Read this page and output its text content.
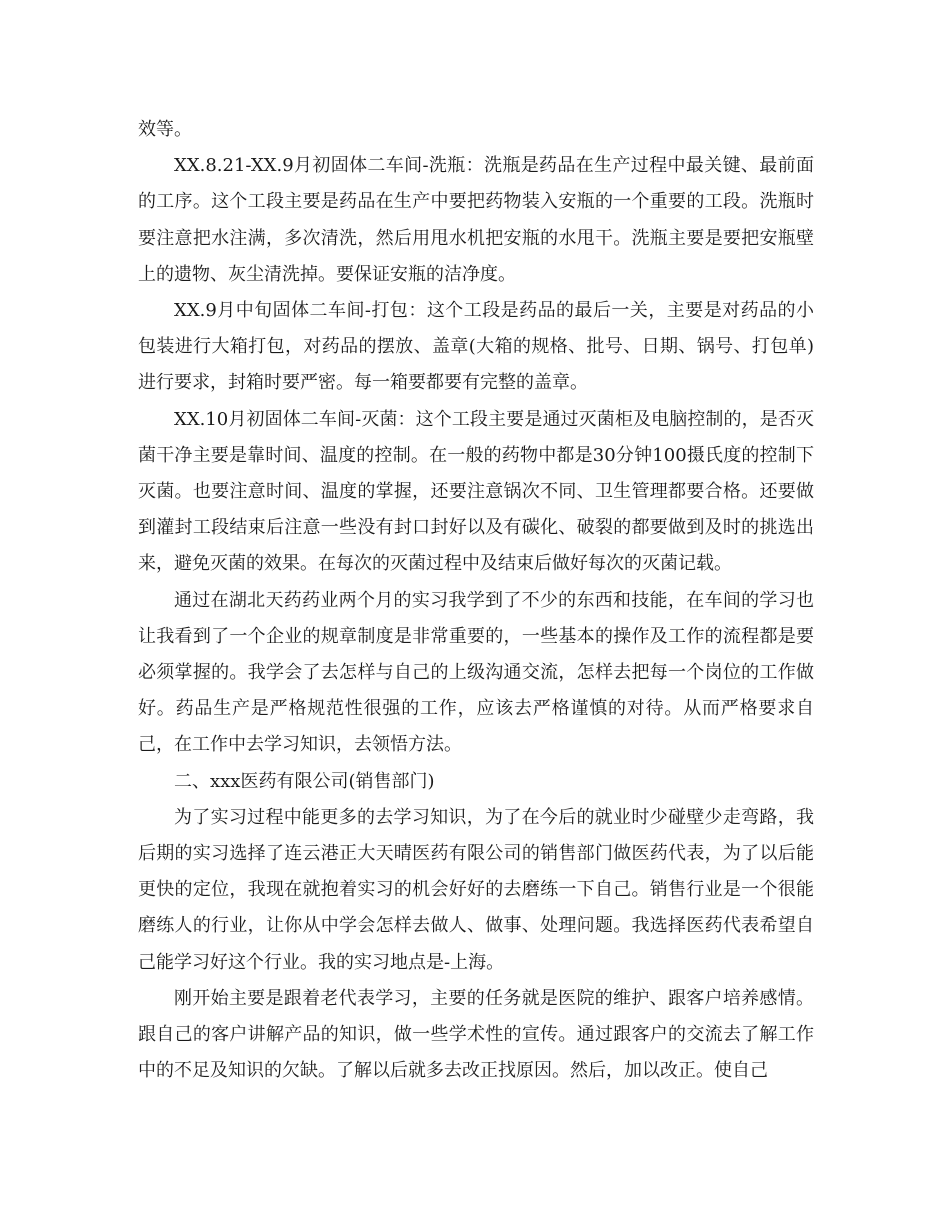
效等。

XX.8.21-XX.9月初固体二车间-洗瓶：洗瓶是药品在生产过程中最关键、最前面的工序。这个工段主要是药品在生产中要把药物装入安瓶的一个重要的工段。洗瓶时要注意把水注满，多次清洗，然后用甩水机把安瓶的水甩干。洗瓶主要是要把安瓶壁上的遗物、灰尘清洗掉。要保证安瓶的洁净度。

XX.9月中旬固体二车间-打包：这个工段是药品的最后一关，主要是对药品的小包装进行大箱打包，对药品的摆放、盖章(大箱的规格、批号、日期、锅号、打包单)进行要求，封箱时要严密。每一箱要都要有完整的盖章。

XX.10月初固体二车间-灭菌：这个工段主要是通过灭菌柜及电脑控制的，是否灭菌干净主要是靠时间、温度的控制。在一般的药物中都是30分钟100摄氏度的控制下灭菌。也要注意时间、温度的掌握，还要注意锅次不同、卫生管理都要合格。还要做到灌封工段结束后注意一些没有封口封好以及有碳化、破裂的都要做到及时的挑选出来，避免灭菌的效果。在每次的灭菌过程中及结束后做好每次的灭菌记载。

通过在湖北天药药业两个月的实习我学到了不少的东西和技能，在车间的学习也让我看到了一个企业的规章制度是非常重要的，一些基本的操作及工作的流程都是要必须掌握的。我学会了去怎样与自己的上级沟通交流，怎样去把每一个岗位的工作做好。药品生产是严格规范性很强的工作，应该去严格谨慎的对待。从而严格要求自己，在工作中去学习知识，去领悟方法。

二、xxx医药有限公司(销售部门)

为了实习过程中能更多的去学习知识，为了在今后的就业时少碰壁少走弯路，我后期的实习选择了连云港正大天晴医药有限公司的销售部门做医药代表，为了以后能更快的定位，我现在就抱着实习的机会好好的去磨练一下自己。销售行业是一个很能磨练人的行业，让你从中学会怎样去做人、做事、处理问题。我选择医药代表希望自己能学习好这个行业。我的实习地点是-上海。

刚开始主要是跟着老代表学习，主要的任务就是医院的维护、跟客户培养感情。跟自己的客户讲解产品的知识，做一些学术性的宣传。通过跟客户的交流去了解工作中的不足及知识的欠缺。了解以后就多去改正找原因。然后，加以改正。使自己
